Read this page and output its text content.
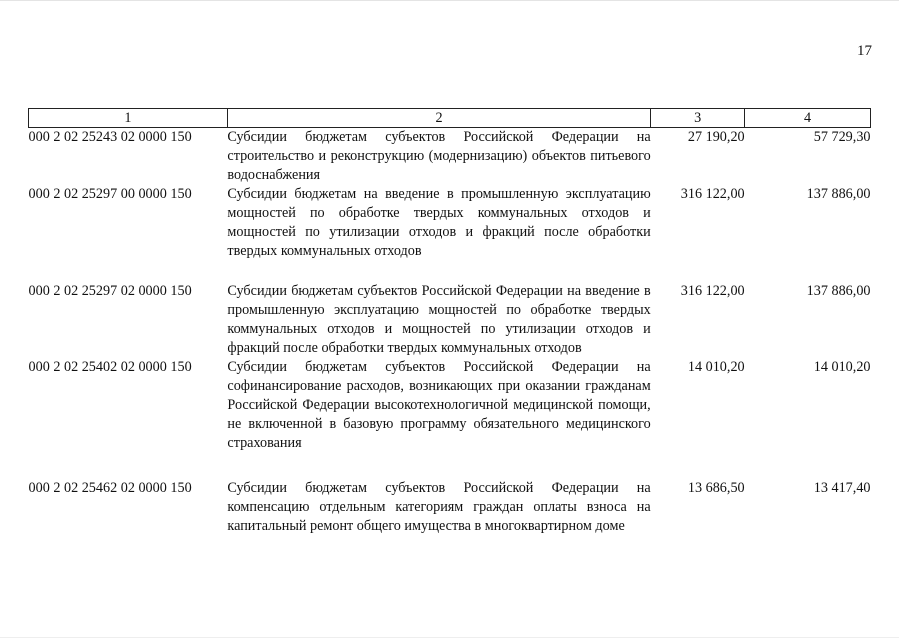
17
1	2	3	4
000 2 02 25243 02 0000 150	Субсидии бюджетам субъектов Российской Федерации на строительство и реконструкцию (модернизацию) объектов питьевого водоснабжения	27 190,20	57 729,30
000 2 02 25297 00 0000 150	Субсидии бюджетам на введение в промышленную эксплуатацию мощностей по обработке твердых коммунальных отходов и мощностей по утилизации отходов и фракций после обработки твердых коммунальных отходов	316 122,00	137 886,00
000 2 02 25297 02 0000 150	Субсидии бюджетам субъектов Российской Федерации на введение в промышленную эксплуатацию мощностей по обработке твердых коммунальных отходов и мощностей по утилизации отходов и фракций после обработки твердых коммунальных отходов	316 122,00	137 886,00
000 2 02 25402 02 0000 150	Субсидии бюджетам субъектов Российской Федерации на софинансирование расходов, возникающих при оказании гражданам Российской Федерации высокотехнологичной медицинской помощи, не включенной в базовую программу обязательного медицинского страхования	14 010,20	14 010,20
000 2 02 25462 02 0000 150	Субсидии бюджетам субъектов Российской Федерации на компенсацию отдельным категориям граждан оплаты взноса на капитальный ремонт общего имущества в многоквартирном доме	13 686,50	13 417,40
